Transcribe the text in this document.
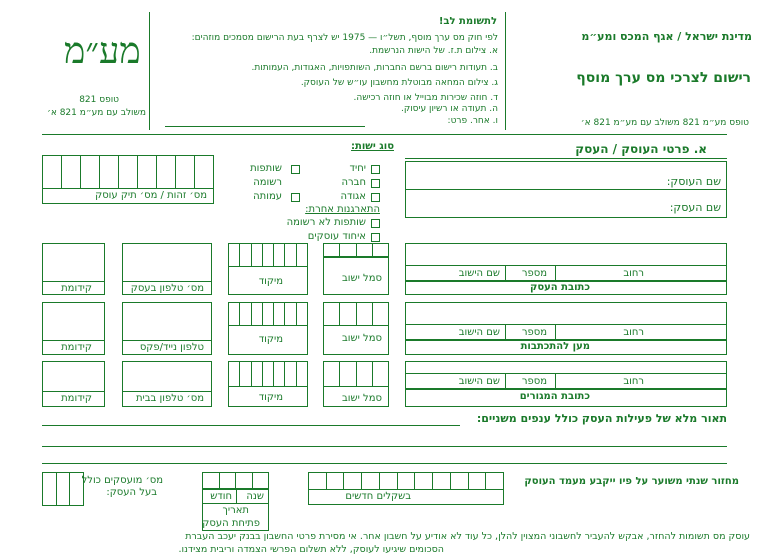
מע״מ
טופס 821
משולב עם מע״מ 821 א׳
לתשומת לב!
לפי חוק מס ערך מוסף, תשל״ו — 1975 יש לצרף בעת הרישום מסמכים מוזהים:
א. צילום ת.ז. של הישות הנרשמת.
ב. תעודות רישום ברשם החברות, השותפויות, האגודות, העמותות.
ג. צילום המחאה מבוטלת מחשבון עו״ש של העוסק.
ד. חוזה שכירות מבוייל או חוזה רכישה.
ה. תעודה או רשיון עיסוק.
ו. אחר. פרט:
מדינת ישראל / אגף המכס ומע״מ
רישום לצרכי מס ערך מוסף
טופס מע״מ 821 משולב עם מע״מ 821 א׳
א. פרטי העוסק / העסק
סוג ישות:
מס׳ זהות / מס׳ תיק עוסק
יחיד
חברה
אגודה
שותפות
רשומה
עמותה
התארגנות אחרת:
שותפות לא רשומה
איחוד עוסקים
שם העוסק:
שם העסק:
רחוב
מספר
שם הישוב
כתובת העסק
סמל ישוב
מיקוד
מס׳ טלפון בעסק
קידומת
רחוב
מספר
שם הישוב
מען להתכתבות
סמל ישוב
מיקוד
טלפון נייד/פקס
קידומת
רחוב
מספר
שם הישוב
כתובת המגורים
סמל ישוב
מיקוד
מס׳ טלפון בבית
קידומת
תאור מלא של פעילות העסק כולל ענפים משניים:
מחזור שנתי משוער על פיו ייקבע מעמד העוסק
בשקלים חדשים
שנה
חודש
תאריך
פתיחת העסק
מס׳ מועסקים כולל
בעל העסק:
עוסק מס תשומות להחזר, אבקש להעביר לחשבוני המצוין להלן, כל עוד לא אודיע על חשבון אחר. אי מסירת פרטי החשבון בבנק יעכב העברת
הסכומים שיגיעו לעוסק, ללא תשלום הפרשי הצמדה וריבית מצידנו.
